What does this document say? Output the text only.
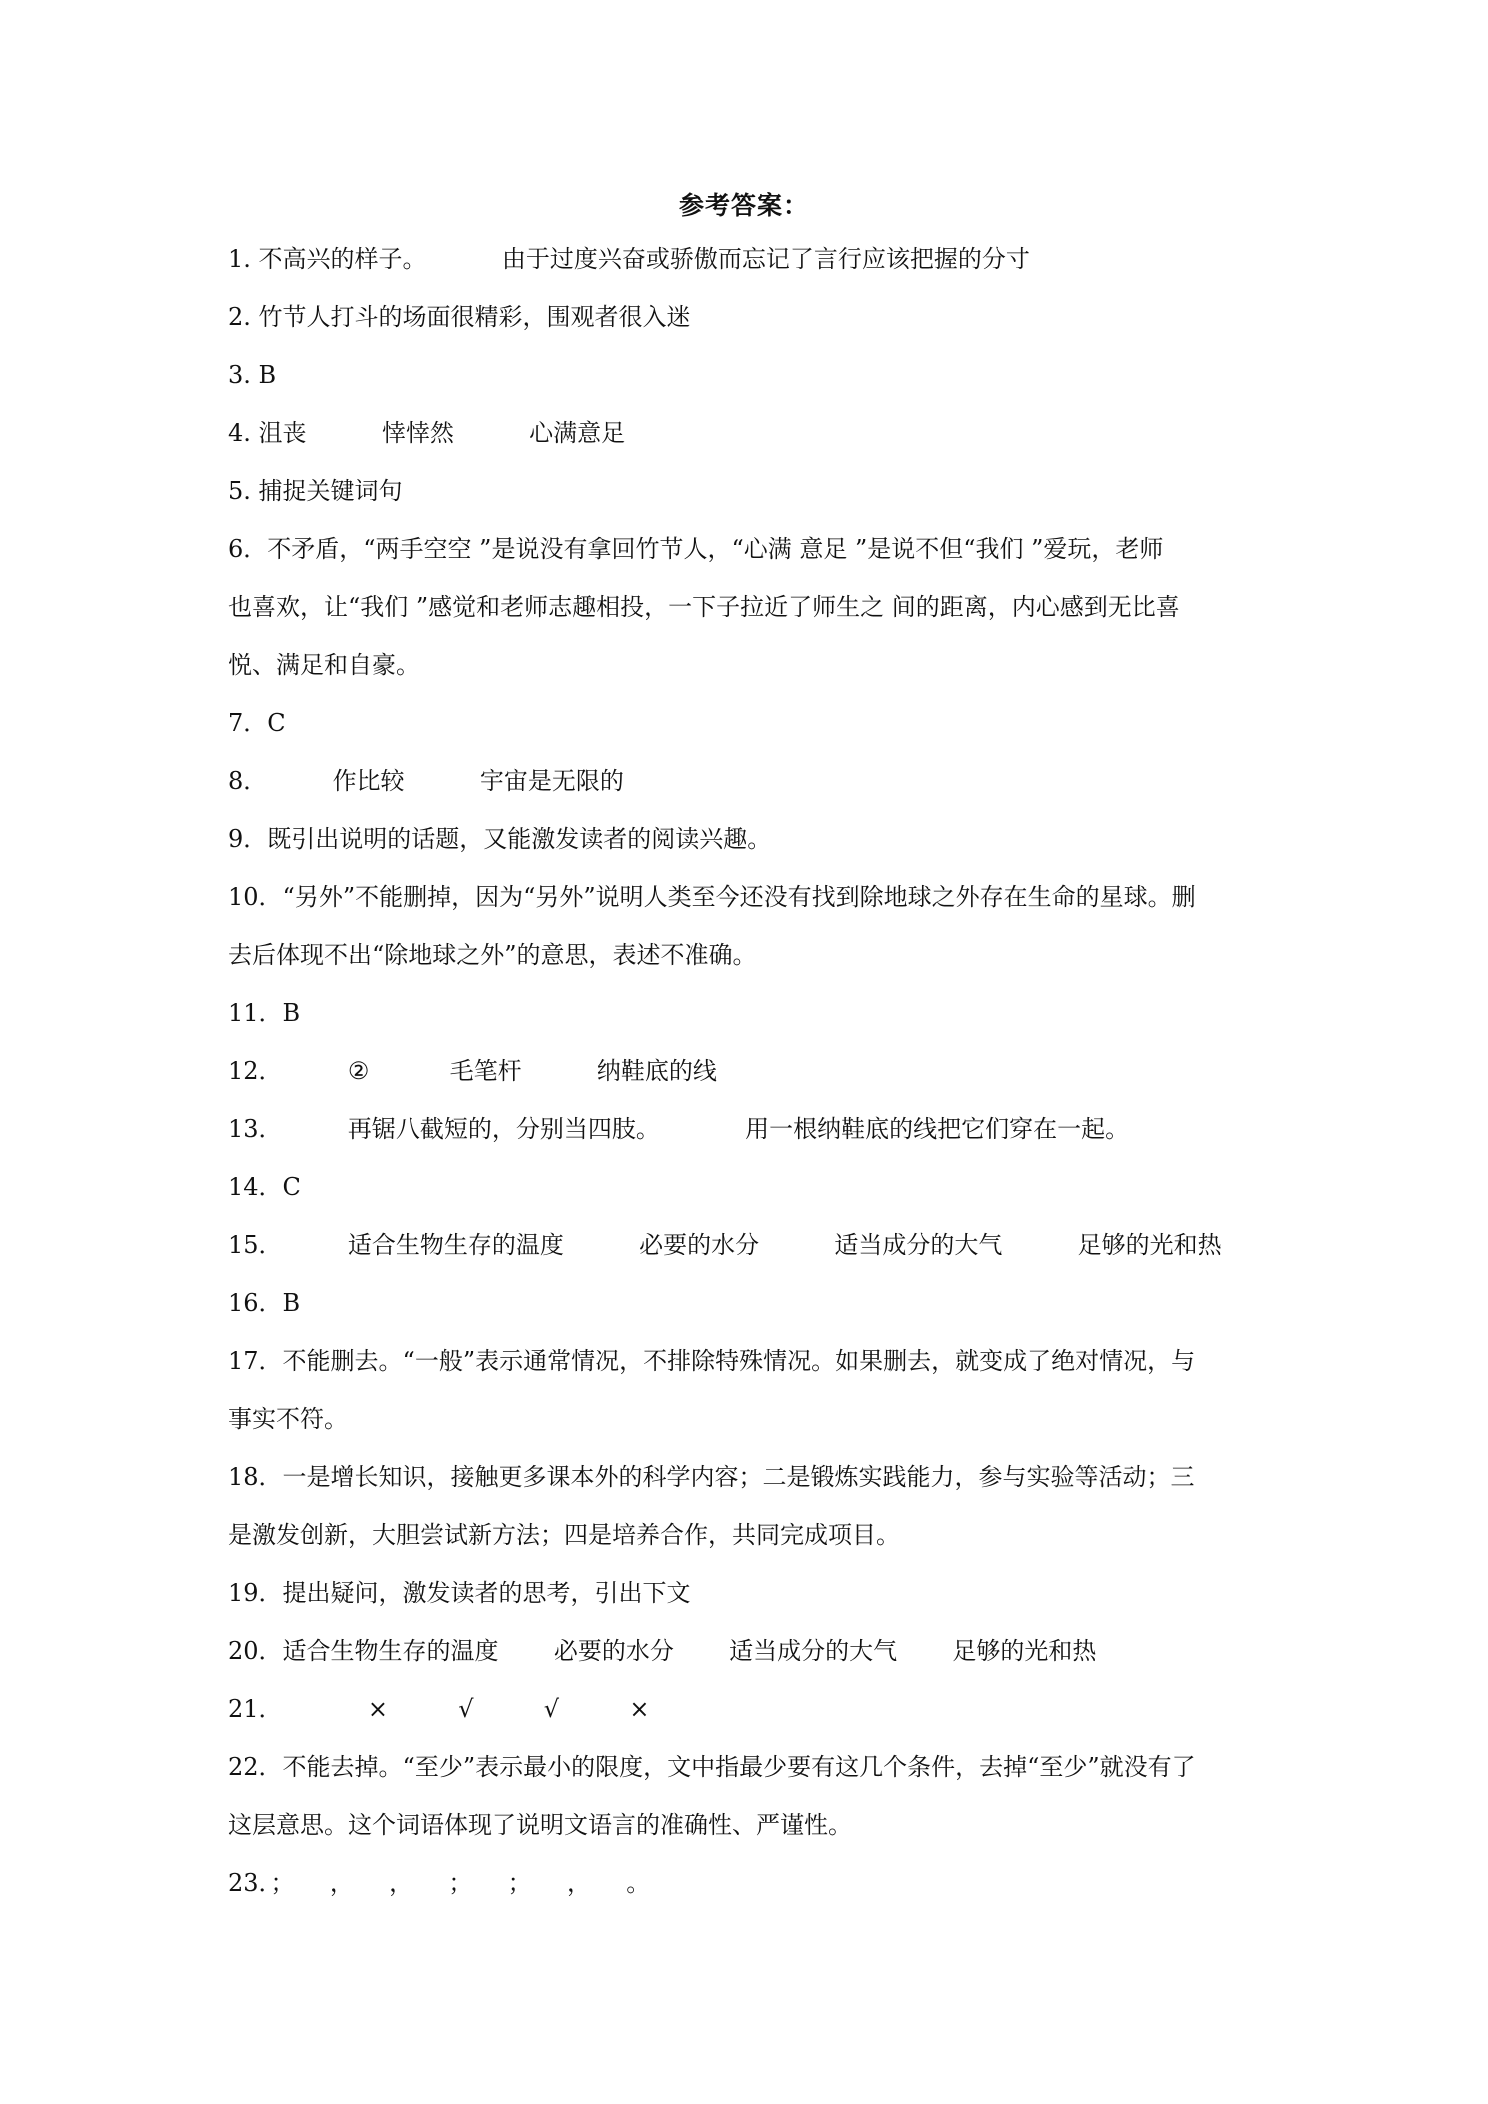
参考答案：
1. 不高兴的样子。	由于过度兴奋或骄傲而忘记了言行应该把握的分寸
2. 竹节人打斗的场面很精彩，围观者很入迷
3. B
4. 沮丧	悻悻然	心满意足
5. 捕捉关键词句
6．不矛盾，“两手空空 ”是说没有拿回竹节人，“心满 意足 ”是说不但“我们 ”爱玩，老师
也喜欢，让“我们 ”感觉和老师志趣相投，一下子拉近了师生之 间的距离，内心感到无比喜
悦、满足和自豪。
7．C
8．	作比较	宇宙是无限的
9．既引出说明的话题，又能激发读者的阅读兴趣。
10．“另外”不能删掉，因为“另外”说明人类至今还没有找到除地球之外存在生命的星球。删
去后体现不出“除地球之外”的意思，表述不准确。
11．B
12．	②	毛笔杆	纳鞋底的线
13．	再锯八截短的，分别当四肢。	用一根纳鞋底的线把它们穿在一起。
14．C
15．	适合生物生存的温度	必要的水分	适当成分的大气	足够的光和热
16．B
17．不能删去。“一般”表示通常情况，不排除特殊情况。如果删去，就变成了绝对情况，与
事实不符。
18．一是增长知识，接触更多课本外的科学内容；二是锻炼实践能力，参与实验等活动；三
是激发创新，大胆尝试新方法；四是培养合作，共同完成项目。
19．提出疑问，激发读者的思考，引出下文
20．适合生物生存的温度 必要的水分 适当成分的大气 足够的光和热
21．	×	√	√	×
22．不能去掉。“至少”表示最小的限度，文中指最少要有这几个条件，去掉“至少”就没有了
这层意思。这个词语体现了说明文语言的准确性、严谨性。
23．； ， ， ； ； ， 。
